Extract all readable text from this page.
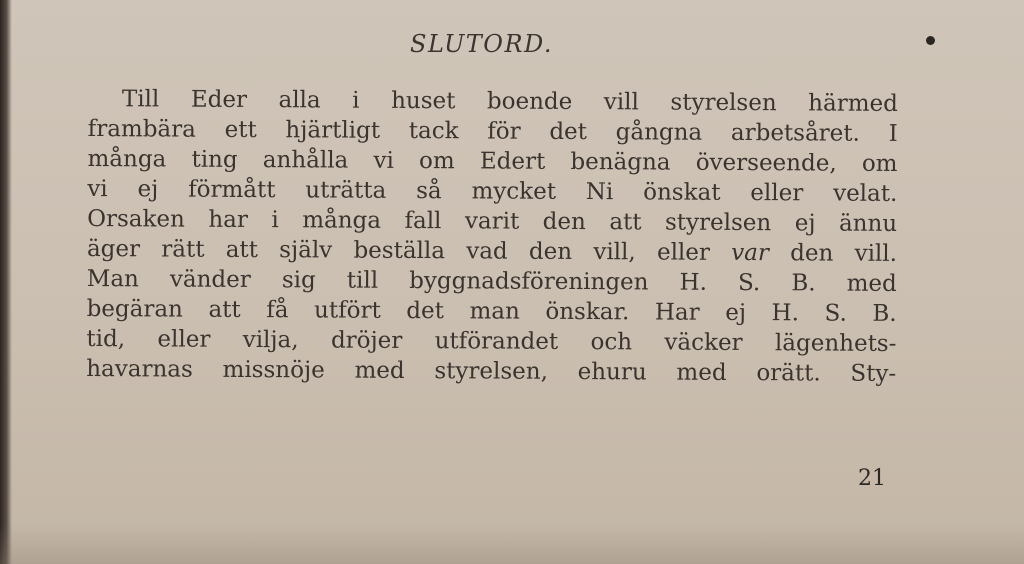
SLUTORD.
Till Eder alla i huset boende vill styrelsen härmed
frambära ett hjärtligt tack för det gångna arbetsåret. I
många ting anhålla vi om Edert benägna överseende, om
vi ej förmått uträtta så mycket Ni önskat eller velat.
Orsaken har i många fall varit den att styrelsen ej ännu
äger rätt att själv beställa vad den vill, eller var den vill.
Man vänder sig till byggnadsföreningen H. S. B. med
begäran att få utfört det man önskar. Har ej H. S. B.
tid, eller vilja, dröjer utförandet och väcker lägenhets-
havarnas missnöje med styrelsen, ehuru med orätt. Sty-
21
